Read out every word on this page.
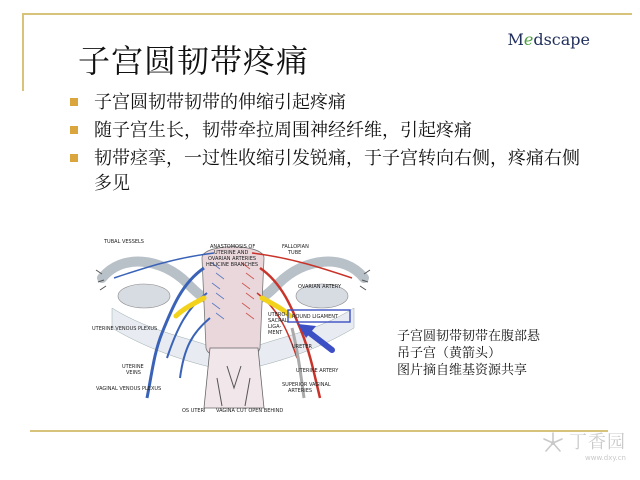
Medscape
子宫圆韧带疼痛
子宫圆韧带韧带的伸缩引起疼痛
随子宫生长，韧带牵拉周围神经纤维，引起疼痛
韧带痉挛，一过性收缩引发锐痛，于子宫转向右侧，疼痛右侧多见
TUBAL VESSELS
ANASTOMOSIS OF
UTERINE AND
OVARIAN ARTERIES
HELICINE BRANCHES
FALLOPIAN
TUBE
OVARIAN ARTERY
UTERO-
SACRAL
LIGA-
MENT
ROUND LIGAMENT
UTERINE VENOUS PLEXUS
URETER
UTERINE
VEINS	UTERINE ARTERY
VAGINAL VENOUS PLEXUS
SUPERIOR VAGINAL
ARTERIES
OS UTERI VAGINA CUT OPEN BEHIND
子宫圆韧带韧带在腹部悬
吊子宫（黄箭头）
图片摘自维基资源共享
丁香园
www.dxy.cn
